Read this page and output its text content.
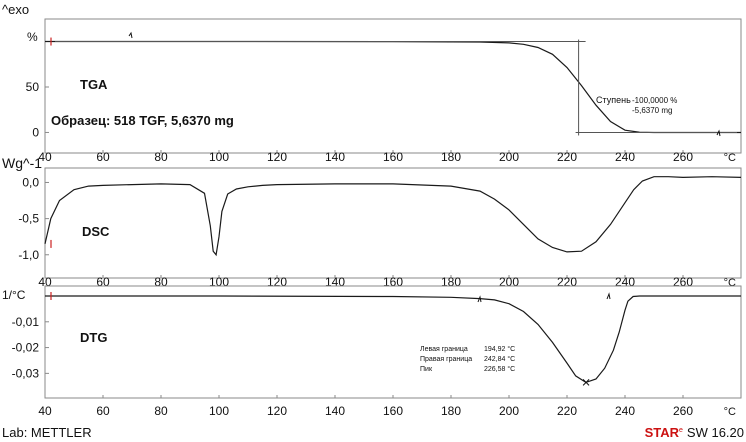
^exo
Lab: METTLER	STAR$^e$ SW 16.20
40	60	80	100	120	140	160	180	200	220	240	260	°C
50
0
%
TGA
Образец: 518 TGF, 5,6370 mg
Ступень -100,0000 %
-5,6370 mg
40	60	80	100	120	140	160	180	200	220	240	260	°C
0,0
-0,5
-1,0
Wg^-1
DSC
40	60	80	100	120	140	160	180	200	220	240	260	°C
-0,01
-0,02
-0,03
1/°C
DTG
Левая граница 194,92 °C
Правая граница 242,84 °C
Пик	226,58 °C
